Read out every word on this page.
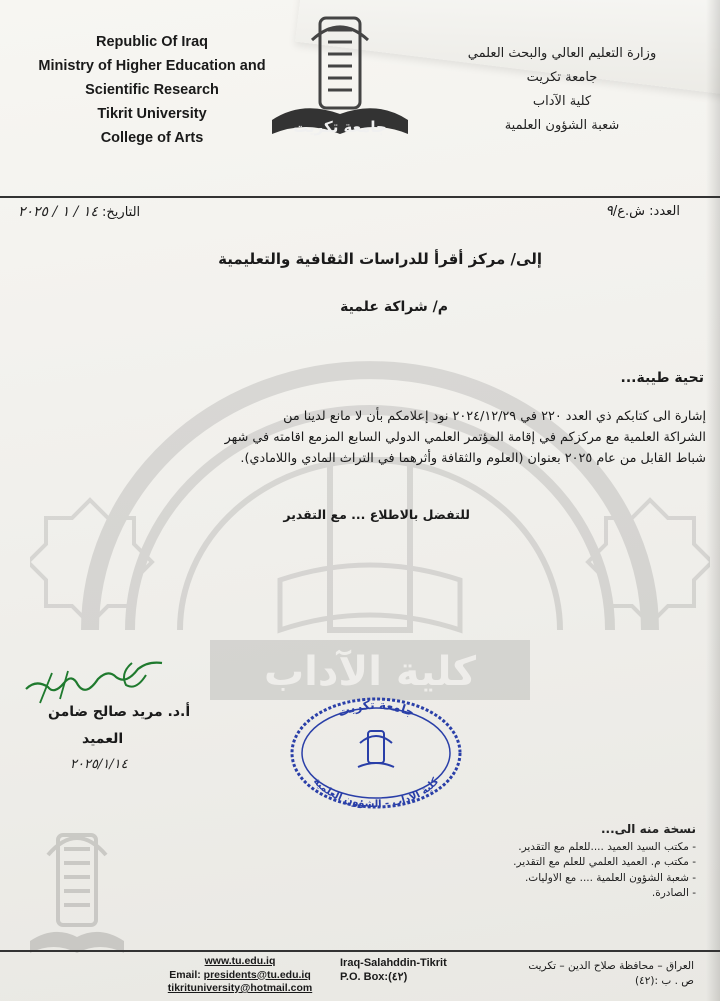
كلية الآداب
Republic Of Iraq
Ministry of Higher Education and
Scientific Research
Tikrit University
College of Arts
جامعة تكريت
وزارة التعليم العالي والبحث العلمي
جامعة تكريت
كلية الآداب
شعبة الشؤون العلمية
العدد: ش.ع/٩
التاريخ: ١٤ / ١ / ٢٠٢٥
إلى/ مركز أقرأ للدراسات الثقافية والتعليمية
م/ شراكة علمية
تحية طيبة...
إشارة الى كتابكم ذي العدد ٢٢٠ في ٢٠٢٤/١٢/٢٩ نود إعلامكم بأن لا مانع لدينا من
الشراكة العلمية مع مركزكم في إقامة المؤتمر العلمي الدولي السابع المزمع اقامته في شهر
شباط القابل من عام ٢٠٢٥ بعنوان (العلوم والثقافة وأثرهما في التراث المادي واللامادي).
للتفضل بالاطلاع ... مع التقدير
أ.د. مريد صالح ضامن
العميد
٢٠٢٥/١/١٤
جامعة تكريت
كلية الآداب - الشؤون العلمية
نسخة منه الى...
- مكتب السيد العميد ....للعلم مع التقدير.
- مكتب م. العميد العلمي للعلم مع التقدير.
- شعبة الشؤون العلمية .... مع الاوليات.
- الصادرة.
www.tu.edu.iq
Email: presidents@tu.edu.iq
tikrituniversity@hotmail.com
Iraq-Salahddin-Tikrit
P.O. Box:(٤٢)
العراق – محافظة صلاح الدين – تكريت
ص . ب :(٤٢)
